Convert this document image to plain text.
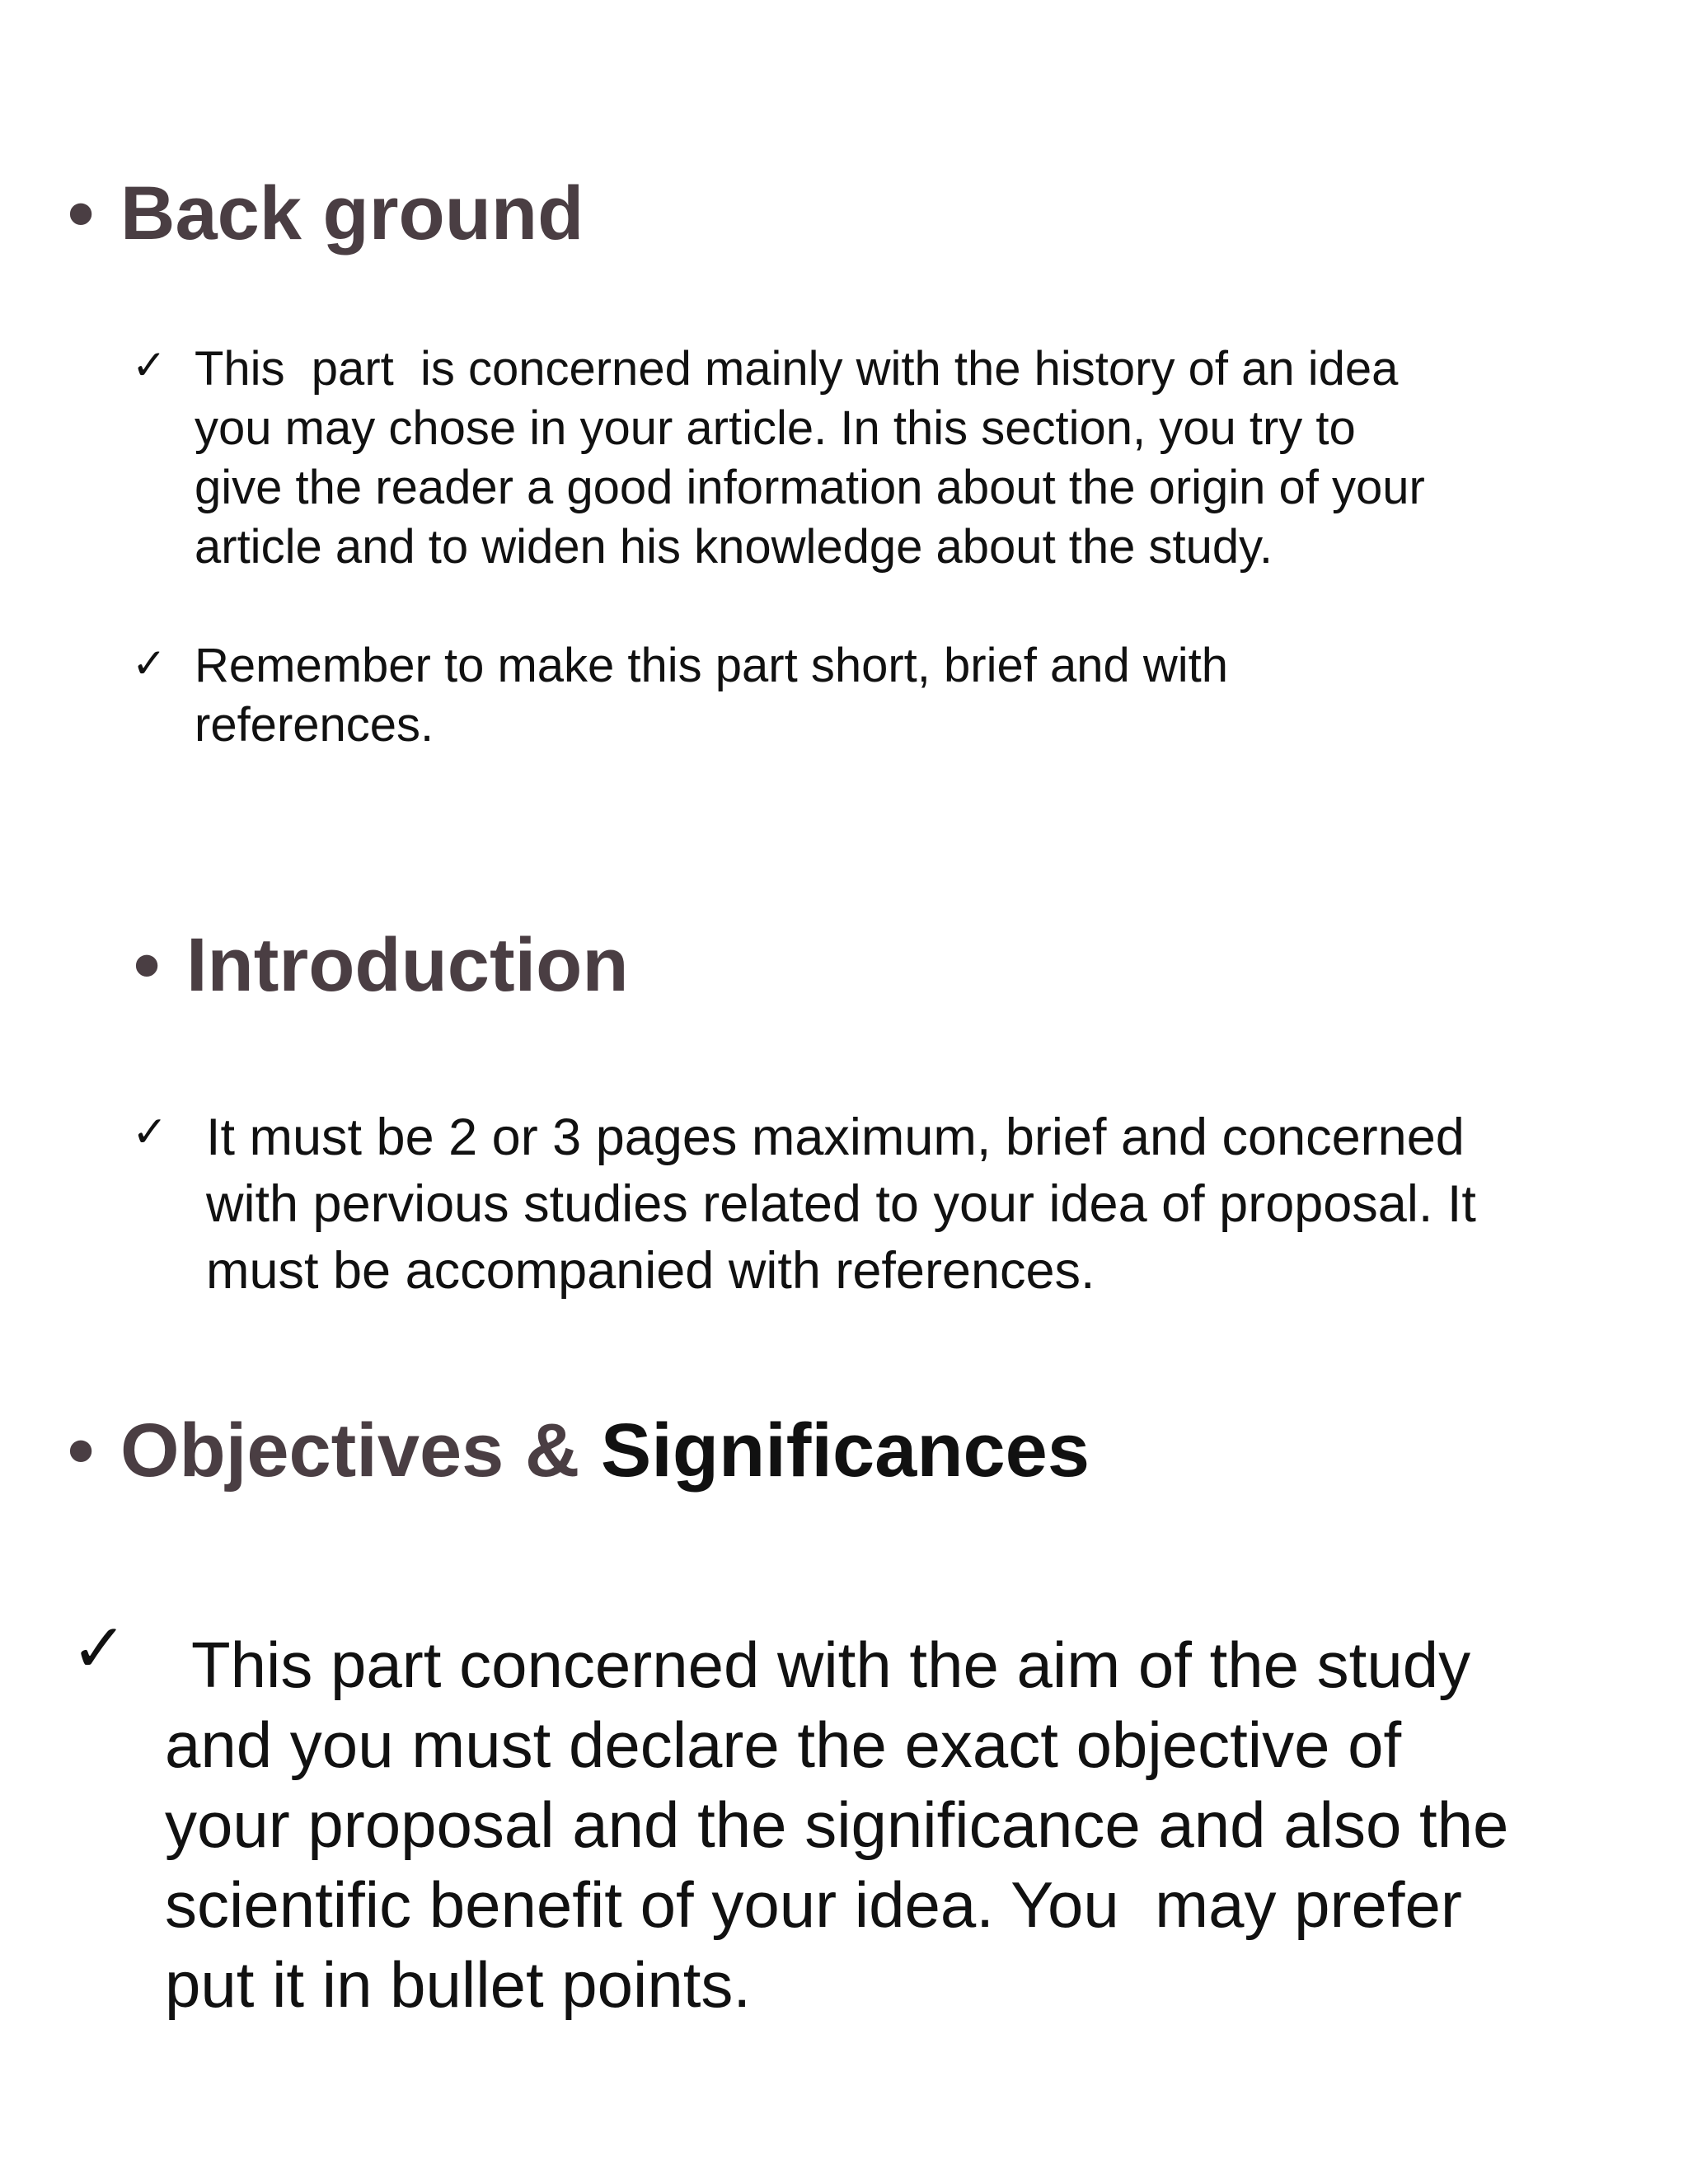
• Back ground
✓ This  part  is concerned mainly with the history of an idea
you may chose in your article. In this section, you try to
give the reader a good information about the origin of your
article and to widen his knowledge about the study.

✓ Remember to make this part short, brief and with
references.

• Introduction
✓ It must be 2 or 3 pages maximum, brief and concerned
with pervious studies related to your idea of proposal. It
must be accompanied with references.

• Objectives & Significances
✓ This part concerned with the aim of the study
and you must declare the exact objective of
your proposal and the significance and also the
scientific benefit of your idea. You  may prefer
put it in bullet points.
